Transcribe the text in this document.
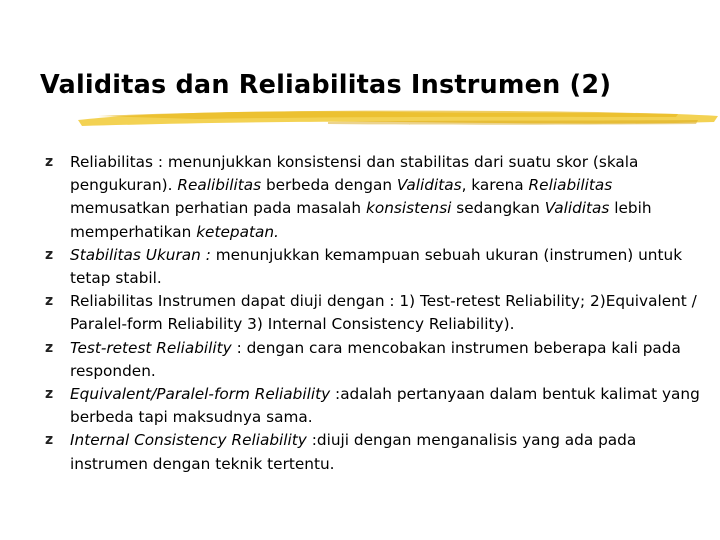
Validitas dan Reliabilitas Instrumen (2)
z Reliabilitas : menunjukkan konsistensi dan stabilitas dari suatu skor (skala pengukuran). Realibilitas berbeda dengan Validitas, karena Reliabilitas memusatkan perhatian pada masalah konsistensi sedangkan Validitas lebih memperhatikan ketepatan.
z Stabilitas Ukuran : menunjukkan kemampuan sebuah ukuran (instrumen) untuk tetap stabil.
z Reliabilitas Instrumen dapat diuji dengan : 1) Test-retest Reliability; 2)Equivalent / Paralel-form Reliability 3) Internal Consistency Reliability).
z Test-retest Reliability : dengan cara mencobakan instrumen beberapa kali pada responden.
z Equivalent/Paralel-form Reliability :adalah pertanyaan dalam bentuk kalimat yang berbeda tapi maksudnya sama.
z Internal Consistency Reliability :diuji dengan menganalisis yang ada pada instrumen dengan teknik tertentu.
